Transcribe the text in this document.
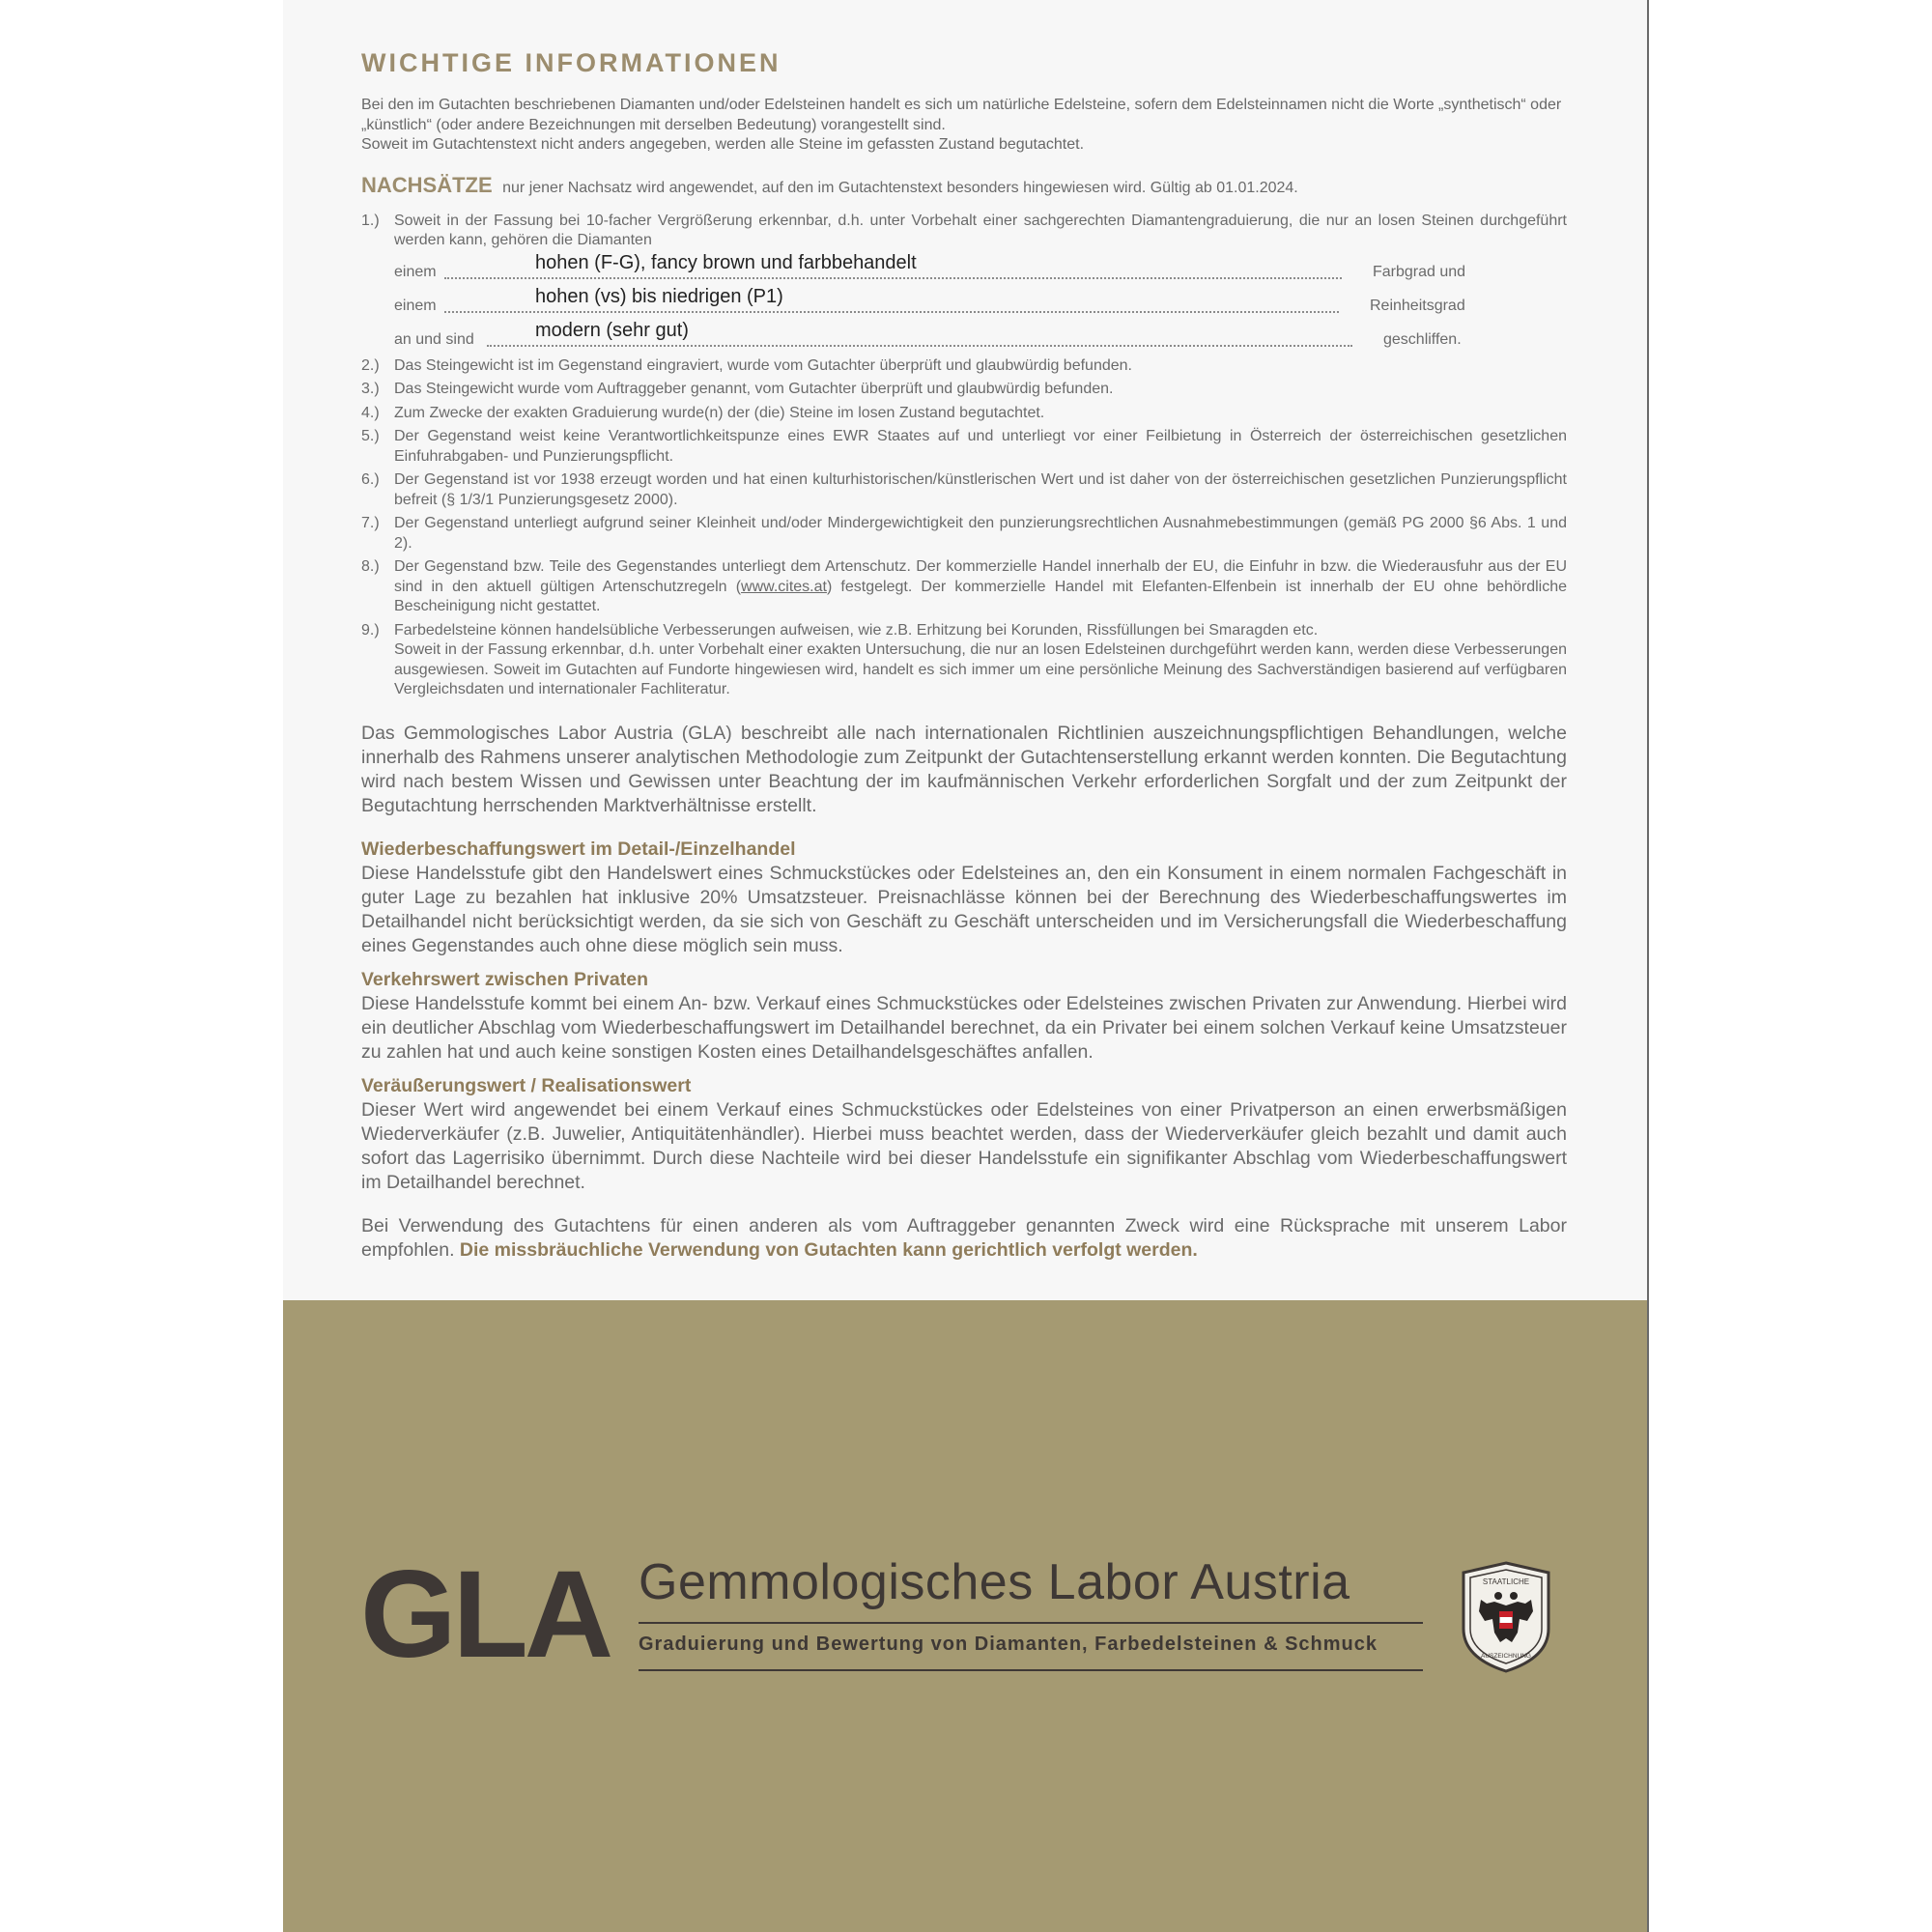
WICHTIGE INFORMATIONEN

Bei den im Gutachten beschriebenen Diamanten und/oder Edelsteinen handelt es sich um natürliche Edelsteine, sofern dem Edelsteinnamen nicht die Worte „synthetisch“ oder „künstlich“ (oder andere Bezeichnungen mit derselben Bedeutung) vorangestellt sind.

Soweit im Gutachtenstext nicht anders angegeben, werden alle Steine im gefassten Zustand begutachtet.

NACHSÄTZE nur jener Nachsatz wird angewendet, auf den im Gutachtenstext besonders hingewiesen wird. Gültig ab 01.01.2024.
1.) Soweit in der Fassung bei 10-facher Vergrößerung erkennbar, d.h. unter Vorbehalt einer sachgerechten Diamantengraduierung, die nur an losen Steinen durchgeführt werden kann, gehören die Diamanten

einem	hohen (F-G), fancy brown und farbbehandelt	Farbgrad und
einem	hohen (vs) bis niedrigen (P1)	Reinheitsgrad
an und sind	modern (sehr gut)	geschliffen.
2.) Das Steingewicht ist im Gegenstand eingraviert, wurde vom Gutachter überprüft und glaubwürdig befunden.
3.) Das Steingewicht wurde vom Auftraggeber genannt, vom Gutachter überprüft und glaubwürdig befunden.
4.) Zum Zwecke der exakten Graduierung wurde(n) der (die) Steine im losen Zustand begutachtet.
5.) Der Gegenstand weist keine Verantwortlichkeitspunze eines EWR Staates auf und unterliegt vor einer Feilbietung in Österreich der österreichischen gesetzlichen Einfuhrabgaben- und Punzierungspflicht.
6.) Der Gegenstand ist vor 1938 erzeugt worden und hat einen kulturhistorischen/künstlerischen Wert und ist daher von der österreichischen gesetzlichen Punzierungspflicht befreit (§ 1/3/1 Punzierungsgesetz 2000).
7.) Der Gegenstand unterliegt aufgrund seiner Kleinheit und/oder Mindergewichtigkeit den punzierungsrechtlichen Ausnahmebestimmungen (gemäß PG 2000 §6 Abs. 1 und 2).
8.) Der Gegenstand bzw. Teile des Gegenstandes unterliegt dem Artenschutz. Der kommerzielle Handel innerhalb der EU, die Einfuhr in bzw. die Wiederausfuhr aus der EU sind in den aktuell gültigen Artenschutzregeln (www.cites.at) festgelegt. Der kommerzielle Handel mit Elefanten-Elfenbein ist innerhalb der EU ohne behördliche Bescheinigung nicht gestattet.
9.) Farbedelsteine können handelsübliche Verbesserungen aufweisen, wie z.B. Erhitzung bei Korunden, Rissfüllungen bei Smaragden etc.

Soweit in der Fassung erkennbar, d.h. unter Vorbehalt einer exakten Untersuchung, die nur an losen Edelsteinen durchgeführt werden kann, werden diese Verbesserungen ausgewiesen. Soweit im Gutachten auf Fundorte hingewiesen wird, handelt es sich immer um eine persönliche Meinung des Sachverständigen basierend auf verfügbaren Vergleichsdaten und internationaler Fachliteratur.

Das Gemmologisches Labor Austria (GLA) beschreibt alle nach internationalen Richtlinien auszeichnungspflichtigen Behandlungen, welche innerhalb des Rahmens unserer analytischen Methodologie zum Zeitpunkt der Gutachtenserstellung erkannt werden konnten. Die Begutachtung wird nach bestem Wissen und Gewissen unter Beachtung der im kaufmännischen Verkehr erforderlichen Sorgfalt und der zum Zeitpunkt der Begutachtung herrschenden Marktverhältnisse erstellt.

Wiederbeschaffungswert im Detail-/Einzelhandel

Diese Handelsstufe gibt den Handelswert eines Schmuckstückes oder Edelsteines an, den ein Konsument in einem normalen Fachgeschäft in guter Lage zu bezahlen hat inklusive 20% Umsatzsteuer. Preisnachlässe können bei der Berechnung des Wiederbeschaffungswertes im Detailhandel nicht berücksichtigt werden, da sie sich von Geschäft zu Geschäft unterscheiden und im Versicherungsfall die Wiederbeschaffung eines Gegenstandes auch ohne diese möglich sein muss.

Verkehrswert zwischen Privaten

Diese Handelsstufe kommt bei einem An- bzw. Verkauf eines Schmuckstückes oder Edelsteines zwischen Privaten zur Anwendung. Hierbei wird ein deutlicher Abschlag vom Wiederbeschaffungswert im Detailhandel berechnet, da ein Privater bei einem solchen Verkauf keine Umsatzsteuer zu zahlen hat und auch keine sonstigen Kosten eines Detailhandelsgeschäftes anfallen.

Veräußerungswert / Realisationswert

Dieser Wert wird angewendet bei einem Verkauf eines Schmuckstückes oder Edelsteines von einer Privatperson an einen erwerbsmäßigen Wiederverkäufer (z.B. Juwelier, Antiquitätenhändler). Hierbei muss beachtet werden, dass der Wiederverkäufer gleich bezahlt und damit auch sofort das Lagerrisiko übernimmt. Durch diese Nachteile wird bei dieser Handelsstufe ein signifikanter Abschlag vom Wiederbeschaffungswert im Detailhandel berechnet.

Bei Verwendung des Gutachtens für einen anderen als vom Auftraggeber genannten Zweck wird eine Rücksprache mit unserem Labor empfohlen. Die missbräuchliche Verwendung von Gutachten kann gerichtlich verfolgt werden.
GLA Gemmologisches Labor Austria
Graduierung und Bewertung von Diamanten, Farbedelsteinen & Schmuck
STAATLICHE
AUSZEICHNUNG
